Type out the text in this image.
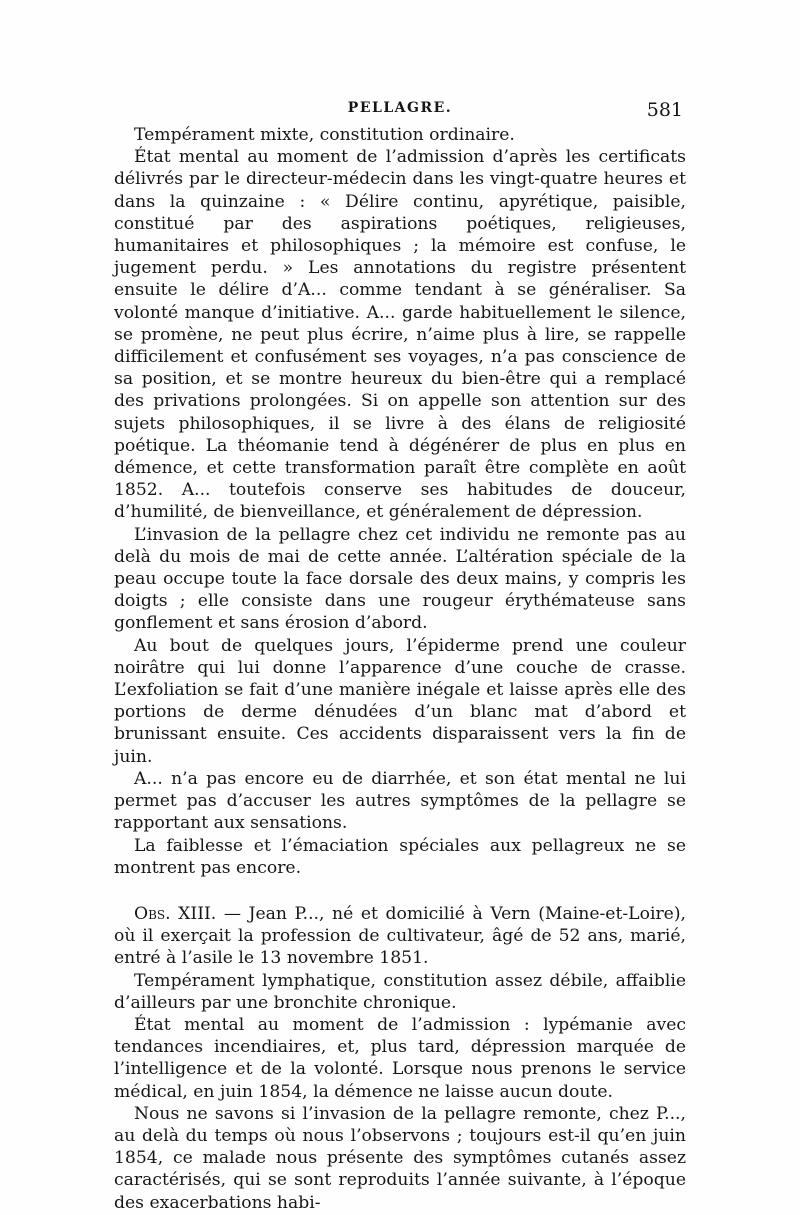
PELLAGRE.	581

Tempérament mixte, constitution ordinaire.

État mental au moment de l’admission d’après les certificats délivrés par le directeur-médecin dans les vingt-quatre heures et dans la quinzaine : « Délire continu, apyrétique, paisible, constitué par des aspirations poétiques, religieuses, humanitaires et philosophiques ; la mémoire est confuse, le jugement perdu. » Les annotations du registre présentent ensuite le délire d’A... comme tendant à se généraliser. Sa volonté manque d’initiative. A... garde habituellement le silence, se promène, ne peut plus écrire, n’aime plus à lire, se rappelle difficilement et confusément ses voyages, n’a pas conscience de sa position, et se montre heureux du bien-être qui a remplacé des privations prolongées. Si on appelle son attention sur des sujets philosophiques, il se livre à des élans de religiosité poétique. La théomanie tend à dégénérer de plus en plus en démence, et cette transformation paraît être complète en août 1852. A... toutefois conserve ses habitudes de douceur, d’humilité, de bienveillance, et généralement de dépression.

L’invasion de la pellagre chez cet individu ne remonte pas au delà du mois de mai de cette année. L’altération spéciale de la peau occupe toute la face dorsale des deux mains, y compris les doigts ; elle consiste dans une rougeur érythémateuse sans gonflement et sans érosion d’abord.

Au bout de quelques jours, l’épiderme prend une couleur noirâtre qui lui donne l’apparence d’une couche de crasse. L’exfoliation se fait d’une manière inégale et laisse après elle des portions de derme dénudées d’un blanc mat d’abord et brunissant ensuite. Ces accidents disparaissent vers la fin de juin.

A... n’a pas encore eu de diarrhée, et son état mental ne lui permet pas d’accuser les autres symptômes de la pellagre se rapportant aux sensations.

La faiblesse et l’émaciation spéciales aux pellagreux ne se montrent pas encore.

Obs. XIII. — Jean P..., né et domicilié à Vern (Maine-et-Loire), où il exerçait la profession de cultivateur, âgé de 52 ans, marié, entré à l’asile le 13 novembre 1851.

Tempérament lymphatique, constitution assez débile, affaiblie d’ailleurs par une bronchite chronique.

État mental au moment de l’admission : lypémanie avec tendances incendiaires, et, plus tard, dépression marquée de l’intelligence et de la volonté. Lorsque nous prenons le service médical, en juin 1854, la démence ne laisse aucun doute.

Nous ne savons si l’invasion de la pellagre remonte, chez P..., au delà du temps où nous l’observons ; toujours est-il qu’en juin 1854, ce malade nous présente des symptômes cutanés assez caractérisés, qui se sont reproduits l’année suivante, à l’époque des exacerbations habi-
